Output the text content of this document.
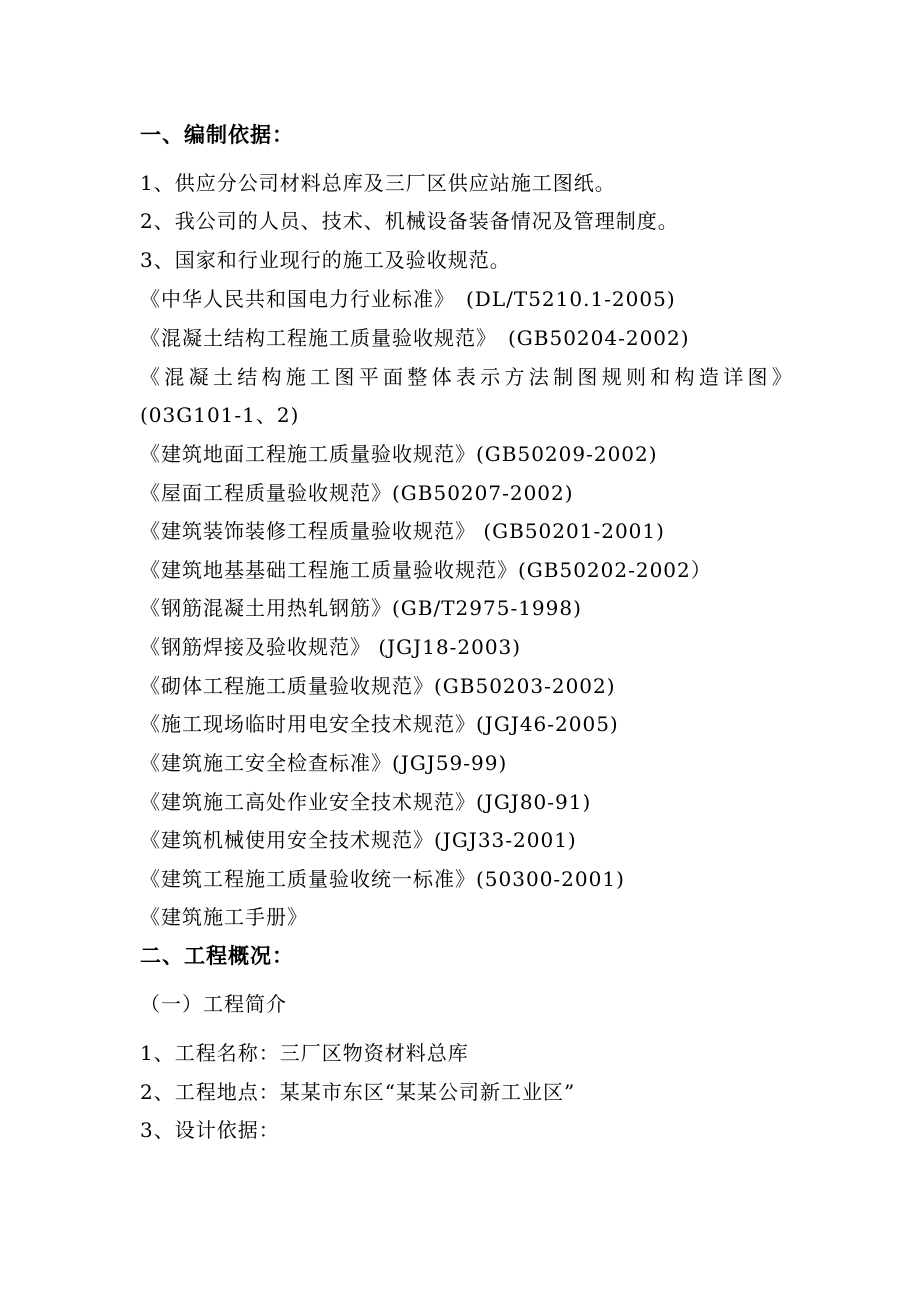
一、编制依据：
1、供应分公司材料总库及三厂区供应站施工图纸。
2、我公司的人员、技术、机械设备装备情况及管理制度。
3、国家和行业现行的施工及验收规范。
《中华人民共和国电力行业标准》　(DL/T5210.1-2005)
《混凝土结构工程施工质量验收规范》　(GB50204-2002)
《混凝土结构施工图平面整体表示方法制图规则和构造详图》
(03G101-1、2)
《建筑地面工程施工质量验收规范》(GB50209-2002)
《屋面工程质量验收规范》(GB50207-2002)
《建筑装饰装修工程质量验收规范》 (GB50201-2001)
《建筑地基基础工程施工质量验收规范》(GB50202-2002）
《钢筋混凝土用热轧钢筋》(GB/T2975-1998)
《钢筋焊接及验收规范》 (JGJ18-2003)
《砌体工程施工质量验收规范》(GB50203-2002)
《施工现场临时用电安全技术规范》(JGJ46-2005)
《建筑施工安全检查标准》(JGJ59-99)
《建筑施工高处作业安全技术规范》(JGJ80-91)
《建筑机械使用安全技术规范》(JGJ33-2001)
《建筑工程施工质量验收统一标准》(50300-2001)
《建筑施工手册》
二、工程概况：
（一）工程简介
1、工程名称：三厂区物资材料总库
2、工程地点：某某市东区“某某公司新工业区”
3、设计依据：
